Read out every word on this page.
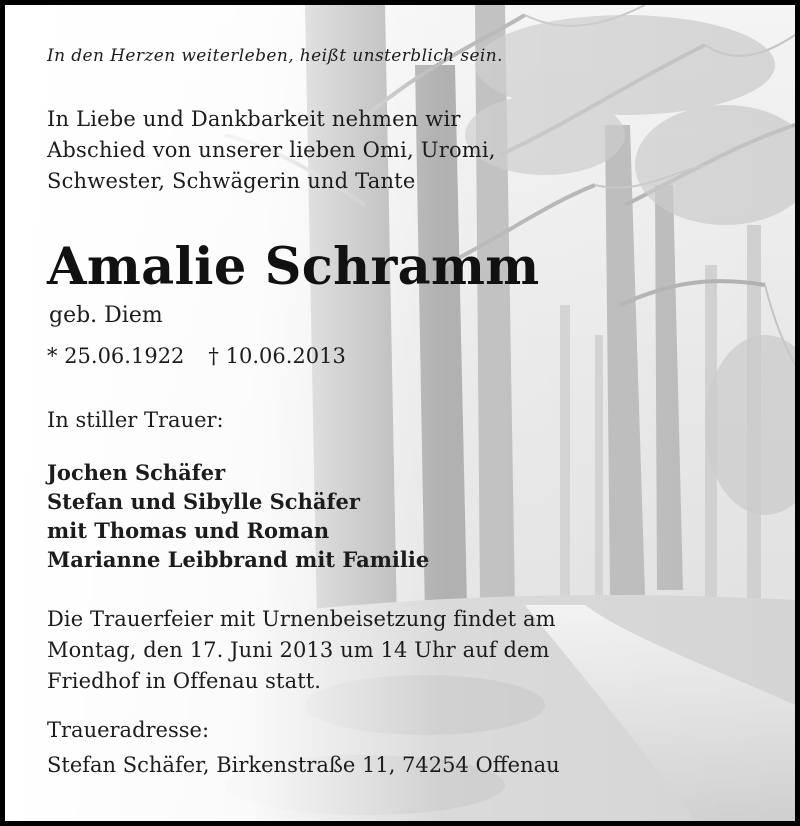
In den Herzen weiterleben, heißt unsterblich sein.
In Liebe und Dankbarkeit nehmen wir
Abschied von unserer lieben Omi, Uromi,
Schwester, Schwägerin und Tante
Amalie Schramm
geb. Diem
* 25.06.1922 † 10.06.2013
In stiller Trauer:
Jochen Schäfer
Stefan und Sibylle Schäfer
mit Thomas und Roman
Marianne Leibbrand mit Familie
Die Trauerfeier mit Urnenbeisetzung findet am
Montag, den 17. Juni 2013 um 14 Uhr auf dem
Friedhof in Offenau statt.
Traueradresse:
Stefan Schäfer, Birkenstraße 11, 74254 Offenau
